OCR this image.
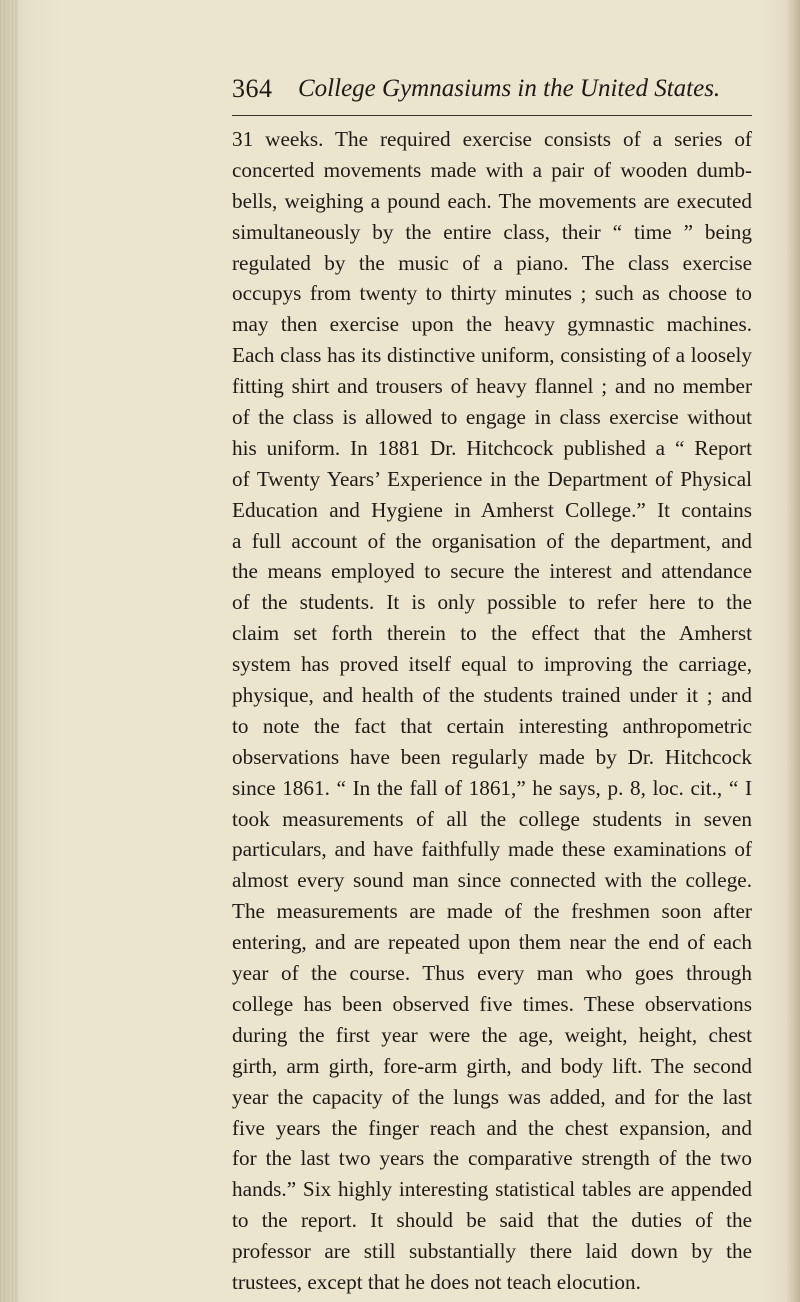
364 College Gymnasiums in the United States.
31 weeks. The required exercise consists of a series of
concerted movements made with a pair of wooden dumb-
bells, weighing a pound each. The movements are executed
simultaneously by the entire class, their “ time ” being
regulated by the music of a piano. The class exercise
occupys from twenty to thirty minutes ; such as choose to
may then exercise upon the heavy gymnastic machines.
Each class has its distinctive uniform, consisting of a loosely
fitting shirt and trousers of heavy flannel ; and no member
of the class is allowed to engage in class exercise without
his uniform. In 1881 Dr. Hitchcock published a “ Report
of Twenty Years’ Experience in the Department of Physical
Education and Hygiene in Amherst College.” It contains
a full account of the organisation of the department, and
the means employed to secure the interest and attendance
of the students. It is only possible to refer here to the
claim set forth therein to the effect that the Amherst
system has proved itself equal to improving the carriage,
physique, and health of the students trained under it ; and
to note the fact that certain interesting anthropometric
observations have been regularly made by Dr. Hitchcock
since 1861. “ In the fall of 1861,” he says, p. 8, loc. cit., “ I
took measurements of all the college students in seven
particulars, and have faithfully made these examinations of
almost every sound man since connected with the college.
The measurements are made of the freshmen soon after
entering, and are repeated upon them near the end of each
year of the course. Thus every man who goes through
college has been observed five times. These observations
during the first year were the age, weight, height, chest
girth, arm girth, fore-arm girth, and body lift. The second
year the capacity of the lungs was added, and for the last
five years the finger reach and the chest expansion, and
for the last two years the comparative strength of the two
hands.” Six highly interesting statistical tables are appended
to the report. It should be said that the duties of the
professor are still substantially there laid down by the
trustees, except that he does not teach elocution.
